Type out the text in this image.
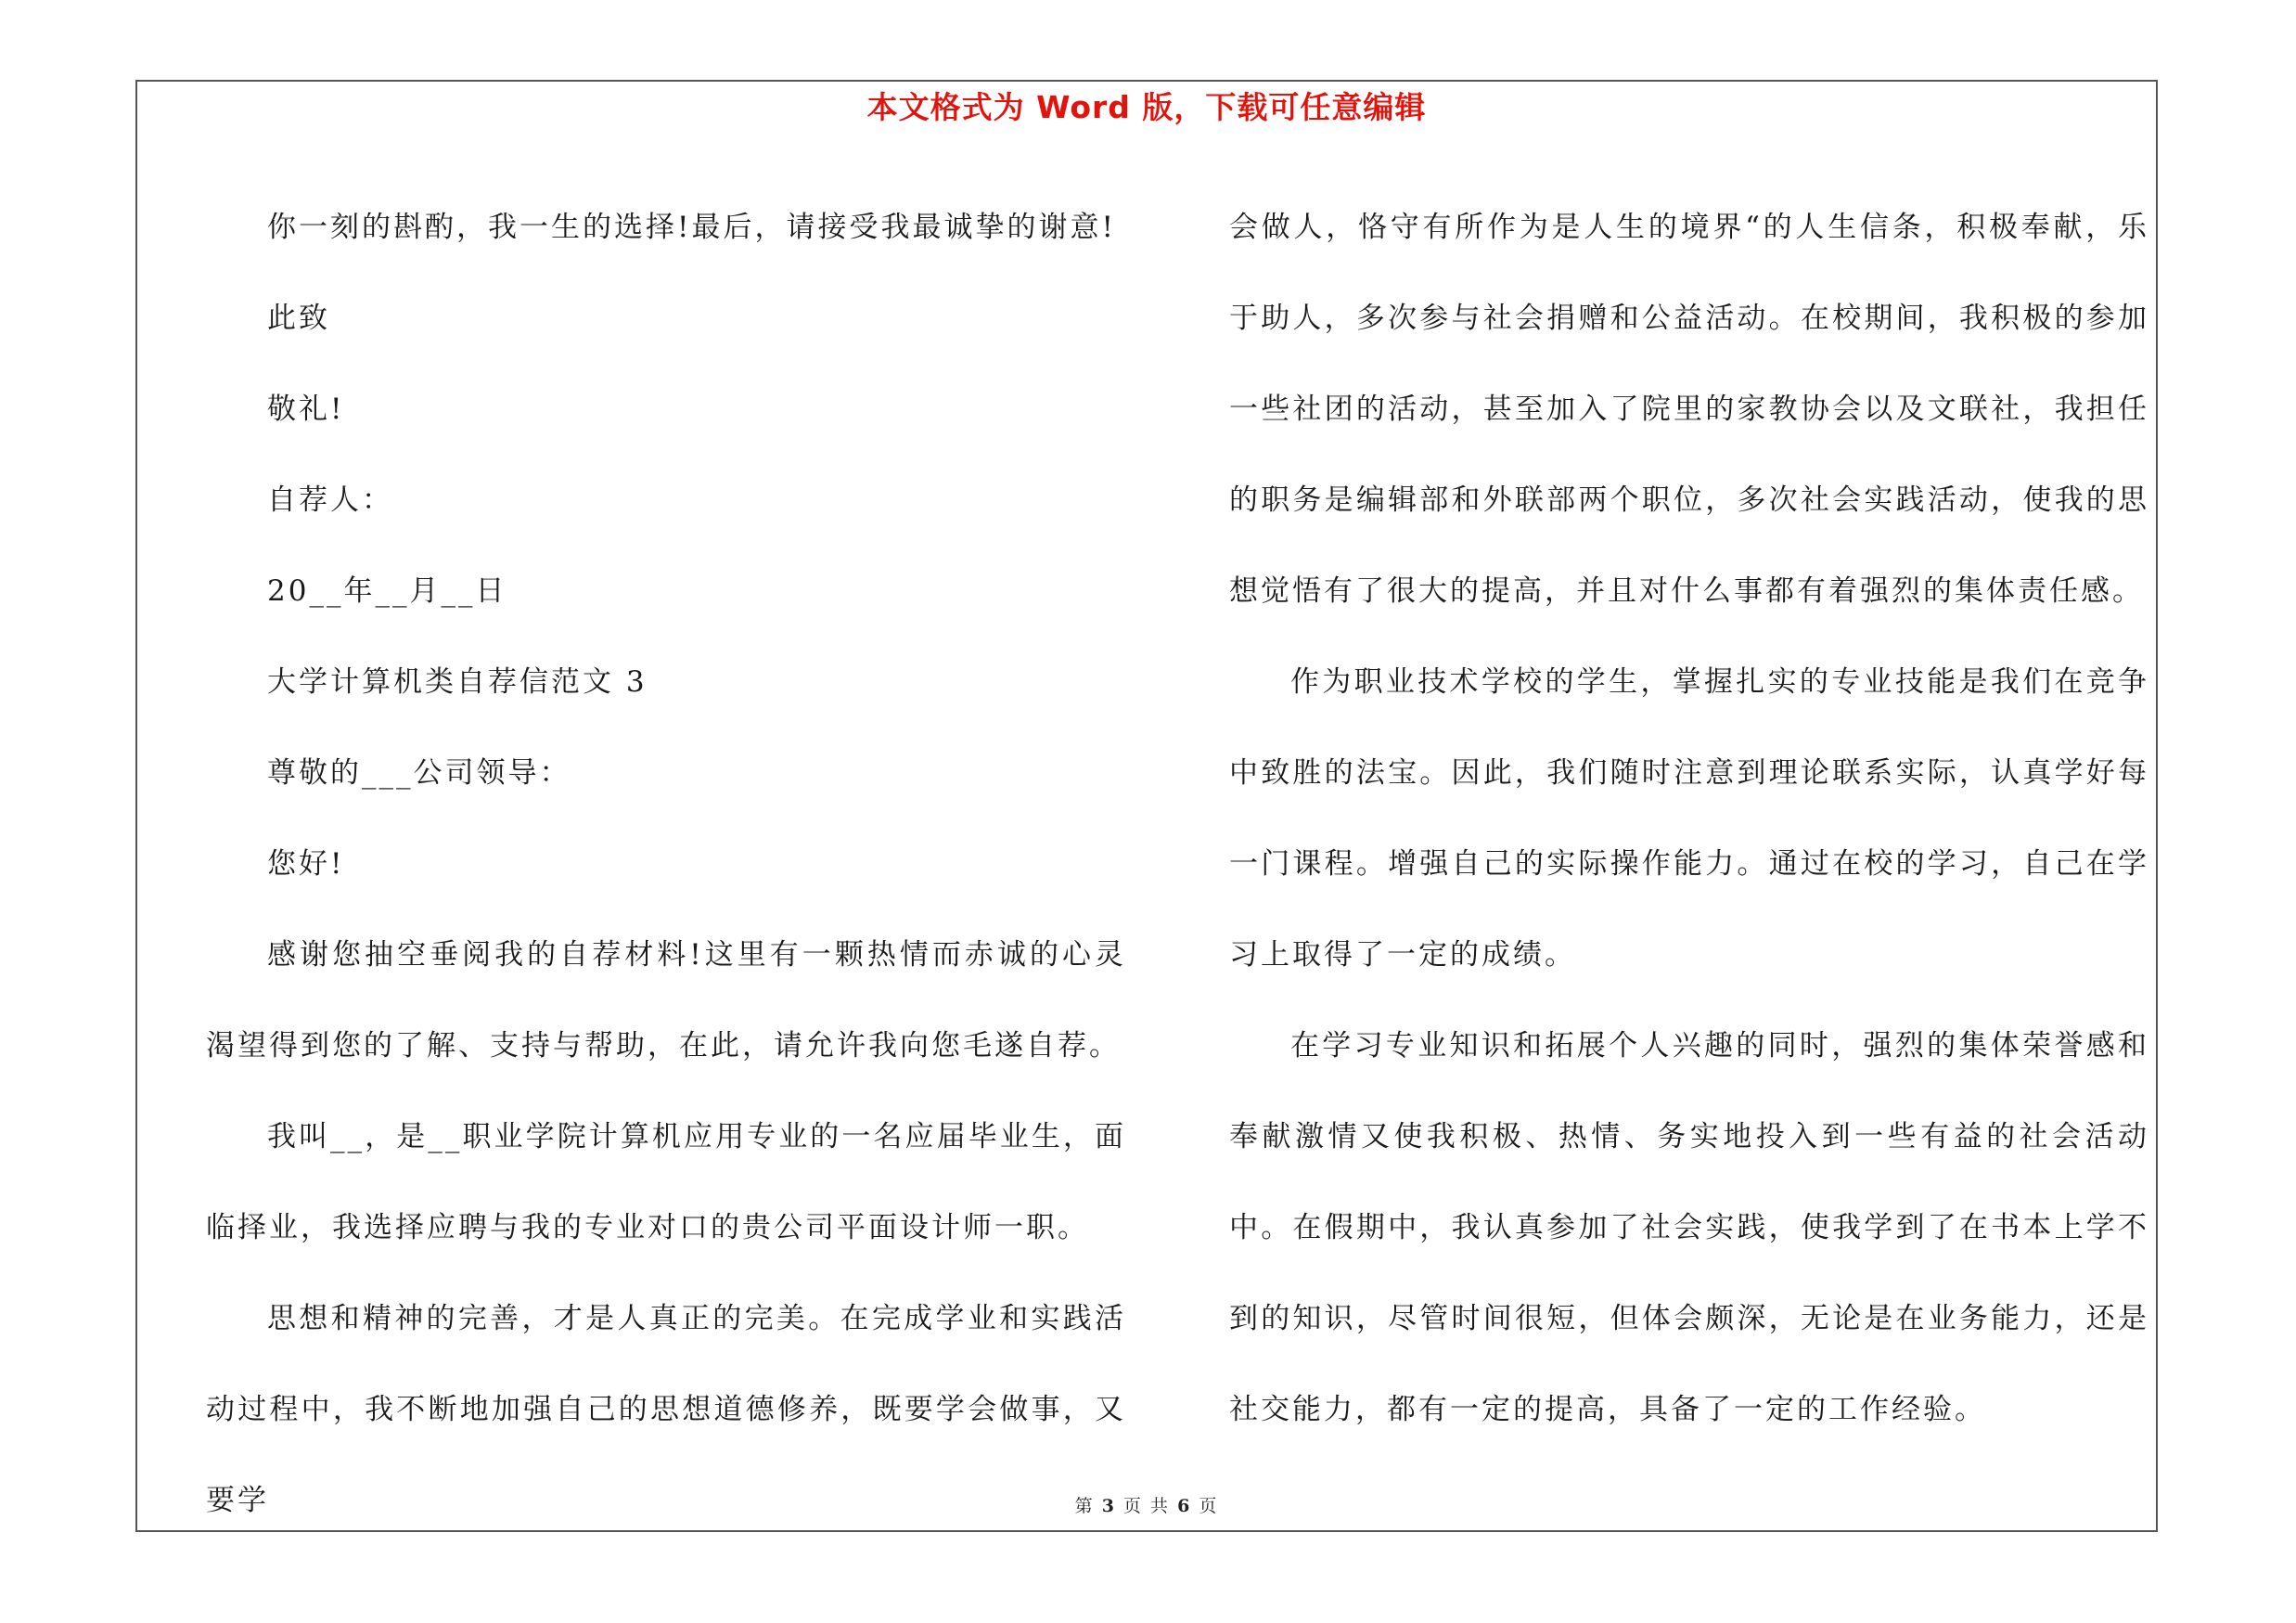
本文格式为 Word 版，下载可任意编辑

你一刻的斟酌，我一生的选择!最后，请接受我最诚挚的谢意!

此致

敬礼!

自荐人：

20__年__月__日

大学计算机类自荐信范文 3

尊敬的___公司领导：

您好!

感谢您抽空垂阅我的自荐材料!这里有一颗热情而赤诚的心灵渴望得到您的了解、支持与帮助，在此，请允许我向您毛遂自荐。

我叫__，是__职业学院计算机应用专业的一名应届毕业生，面临择业，我选择应聘与我的专业对口的贵公司平面设计师一职。

思想和精神的完善，才是人真正的完美。在完成学业和实践活动过程中，我不断地加强自己的思想道德修养，既要学会做事，又要学

会做人，恪守有所作为是人生的境界“的人生信条，积极奉献，乐于助人，多次参与社会捐赠和公益活动。在校期间，我积极的参加一些社团的活动，甚至加入了院里的家教协会以及文联社，我担任的职务是编辑部和外联部两个职位，多次社会实践活动，使我的思想觉悟有了很大的提高，并且对什么事都有着强烈的集体责任感。

作为职业技术学校的学生，掌握扎实的专业技能是我们在竞争中致胜的法宝。因此，我们随时注意到理论联系实际，认真学好每一门课程。增强自己的实际操作能力。通过在校的学习，自己在学习上取得了一定的成绩。

在学习专业知识和拓展个人兴趣的同时，强烈的集体荣誉感和奉献激情又使我积极、热情、务实地投入到一些有益的社会活动中。在假期中，我认真参加了社会实践，使我学到了在书本上学不到的知识，尽管时间很短，但体会颇深，无论是在业务能力，还是社交能力，都有一定的提高，具备了一定的工作经验。

第 3 页 共 6 页
